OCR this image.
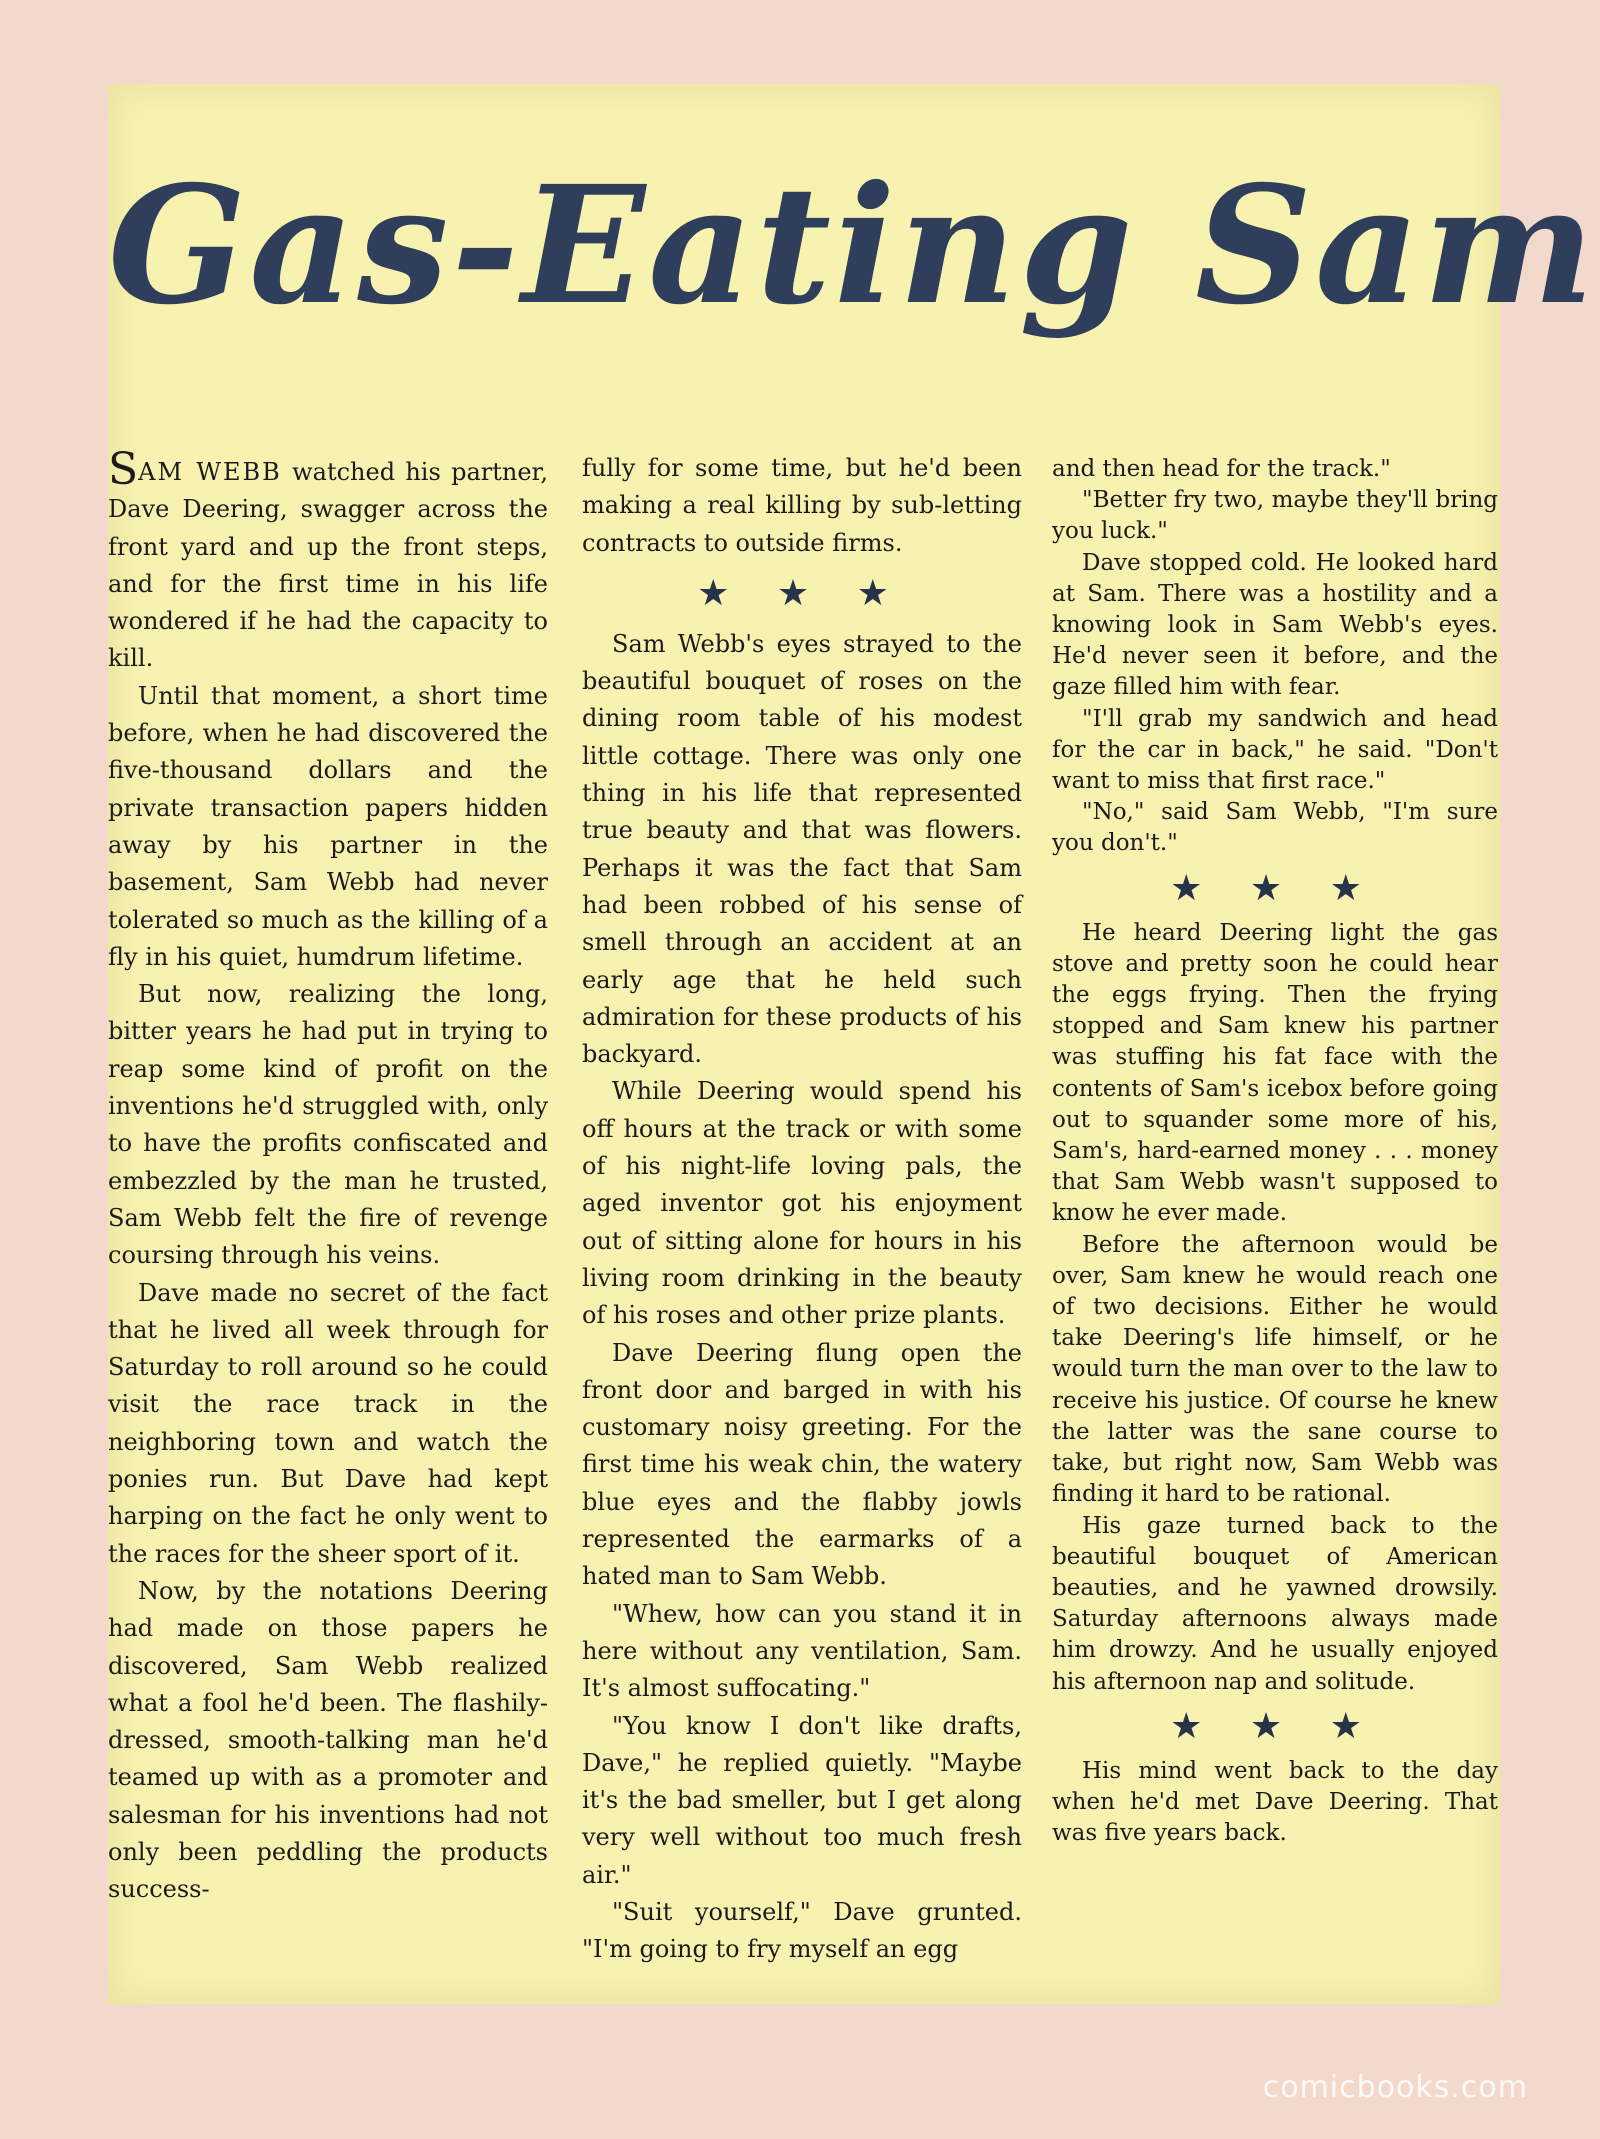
Gas-Eating Sam

SAM WEBB watched his partner, Dave Deering, swagger across the front yard and up the front steps, and for the first time in his life wondered if he had the capacity to kill.

Until that moment, a short time before, when he had discovered the five-thousand dollars and the private transaction papers hidden away by his partner in the basement, Sam Webb had never tolerated so much as the killing of a fly in his quiet, humdrum lifetime.

But now, realizing the long, bitter years he had put in trying to reap some kind of profit on the inventions he'd struggled with, only to have the profits confiscated and embezzled by the man he trusted, Sam Webb felt the fire of revenge coursing through his veins.

Dave made no secret of the fact that he lived all week through for Saturday to roll around so he could visit the race track in the neighboring town and watch the ponies run. But Dave had kept harping on the fact he only went to the races for the sheer sport of it.

Now, by the notations Deering had made on those papers he discovered, Sam Webb realized what a fool he'd been. The flashily-dressed, smooth-talking man he'd teamed up with as a promoter and salesman for his inventions had not only been peddling the products success-

fully for some time, but he'd been making a real killing by sub-letting contracts to outside firms.

★ ★ ★

Sam Webb's eyes strayed to the beautiful bouquet of roses on the dining room table of his modest little cottage. There was only one thing in his life that represented true beauty and that was flowers. Perhaps it was the fact that Sam had been robbed of his sense of smell through an accident at an early age that he held such admiration for these products of his backyard.

While Deering would spend his off hours at the track or with some of his night-life loving pals, the aged inventor got his enjoyment out of sitting alone for hours in his living room drinking in the beauty of his roses and other prize plants.

Dave Deering flung open the front door and barged in with his customary noisy greeting. For the first time his weak chin, the watery blue eyes and the flabby jowls represented the earmarks of a hated man to Sam Webb.

"Whew, how can you stand it in here without any ventilation, Sam. It's almost suffocating."

"You know I don't like drafts, Dave," he replied quietly. "Maybe it's the bad smeller, but I get along very well without too much fresh air."

"Suit yourself," Dave grunted. "I'm going to fry myself an egg

and then head for the track."

"Better fry two, maybe they'll bring you luck."

Dave stopped cold. He looked hard at Sam. There was a hostility and a knowing look in Sam Webb's eyes. He'd never seen it before, and the gaze filled him with fear.

"I'll grab my sandwich and head for the car in back," he said. "Don't want to miss that first race."

"No," said Sam Webb, "I'm sure you don't."

★ ★ ★

He heard Deering light the gas stove and pretty soon he could hear the eggs frying. Then the frying stopped and Sam knew his partner was stuffing his fat face with the contents of Sam's icebox before going out to squander some more of his, Sam's, hard-earned money . . . money that Sam Webb wasn't supposed to know he ever made.

Before the afternoon would be over, Sam knew he would reach one of two decisions. Either he would take Deering's life himself, or he would turn the man over to the law to receive his justice. Of course he knew the latter was the sane course to take, but right now, Sam Webb was finding it hard to be rational.

His gaze turned back to the beautiful bouquet of American beauties, and he yawned drowsily. Saturday afternoons always made him drowzy. And he usually enjoyed his afternoon nap and solitude.

★ ★ ★

His mind went back to the day when he'd met Dave Deering. That was five years back.

comicbooks.com
